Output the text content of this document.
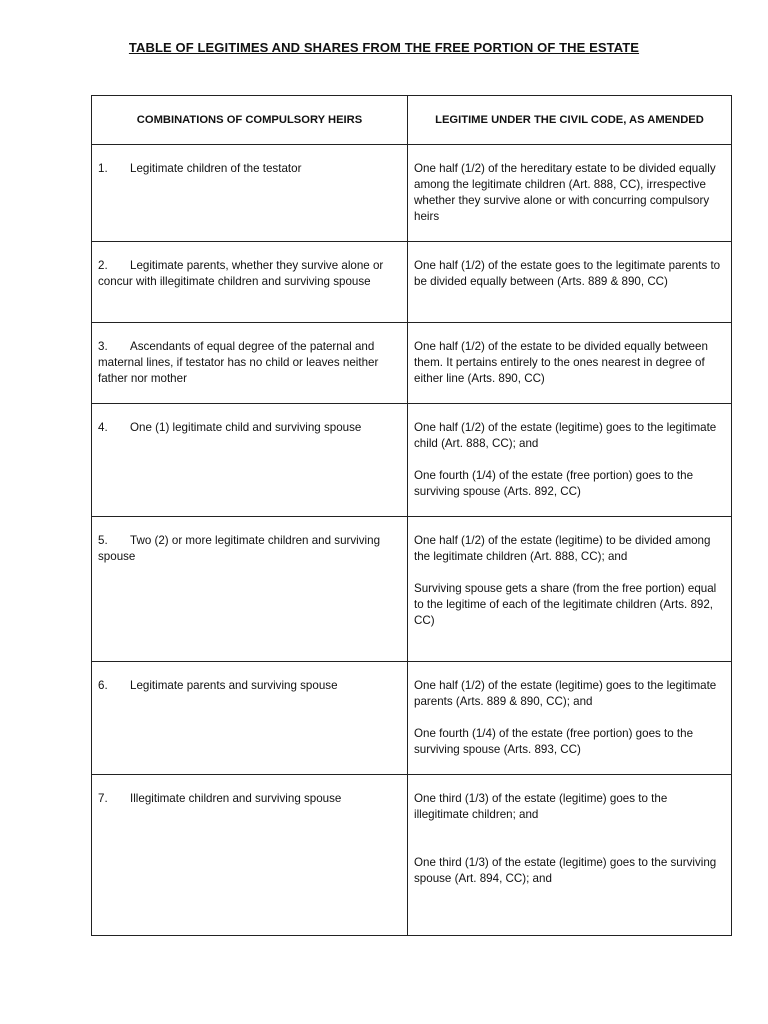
TABLE OF LEGITIMES AND SHARES FROM THE FREE PORTION OF THE ESTATE
COMBINATIONS OF COMPULSORY HEIRS	LEGITIME UNDER THE CIVIL CODE, AS AMENDED
1. Legitimate children of the testator	One half (1/2) of the hereditary estate to be divided equally among the legitimate children (Art. 888, CC), irrespective whether they survive alone or with concurring compulsory heirs

2. Legitimate parents, whether they survive alone or concur with illegitimate children and surviving spouse	One half (1/2) of the estate goes to the legitimate parents to be divided equally between (Arts. 889 & 890, CC)

3. Ascendants of equal degree of the paternal and maternal lines, if testator has no child or leaves neither father nor mother	One half (1/2) of the estate to be divided equally between them. It pertains entirely to the ones nearest in degree of either line (Arts. 890, CC)

4. One (1) legitimate child and surviving spouse	One half (1/2) of the estate (legitime) goes to the legitimate child (Art. 888, CC); and

One fourth (1/4) of the estate (free portion) goes to the surviving spouse (Arts. 892, CC)

5. Two (2) or more legitimate children and surviving spouse	One half (1/2) of the estate (legitime) to be divided among the legitimate children (Art. 888, CC); and

Surviving spouse gets a share (from the free portion) equal to the legitime of each of the legitimate children (Arts. 892, CC)

6. Legitimate parents and surviving spouse	One half (1/2) of the estate (legitime) goes to the legitimate parents (Arts. 889 & 890, CC); and

One fourth (1/4) of the estate (free portion) goes to the surviving spouse (Arts. 893, CC)

7. Illegitimate children and surviving spouse	One third (1/3) of the estate (legitime) goes to the illegitimate children; and

One third (1/3) of the estate (legitime) goes to the surviving spouse (Art. 894, CC); and
